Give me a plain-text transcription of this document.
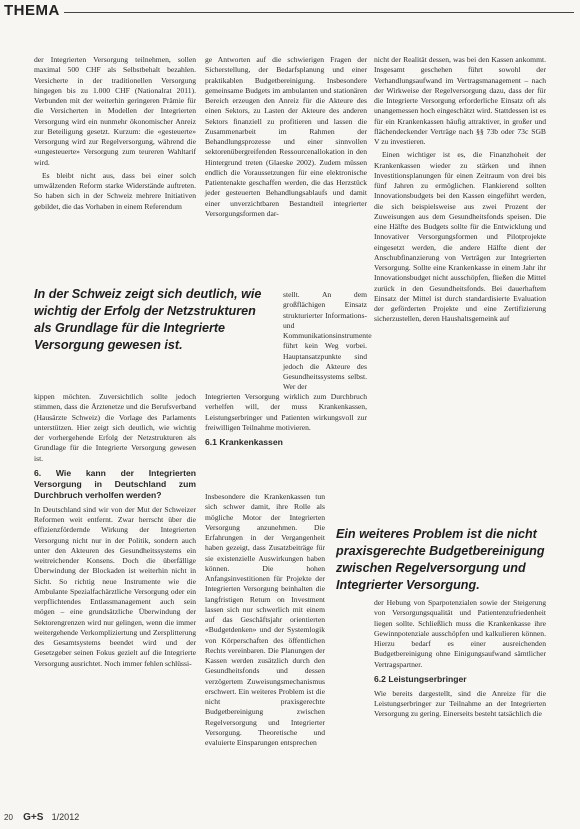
THEMA

der Integrierten Versorgung teilnehmen, sollen maximal 500 CHF als Selbstbehalt bezahlen. Versicherte in der traditionellen Versorgung hingegen bis zu 1.000 CHF (Nationalrat 2011). Verbunden mit der weiterhin geringeren Prämie für die Versicherten in Modellen der Integrierten Versorgung wird ein nunmehr ökonomischer Anreiz zur Beteiligung gesetzt. Kurzum: die «gesteuerte» Versorgung wird zur Regelversorgung, während die «ungesteuerte» Versorgung zum teureren Wahltarif wird.

Es bleibt nicht aus, dass bei einer solch umwälzenden Reform starke Widerstände auftreten. So haben sich in der Schweiz mehrere Initiativen gebildet, die das Vorhaben in einem Referendum

In der Schweiz zeigt sich deutlich, wie wichtig der Erfolg der Netzstrukturen als Grundlage für die Integrierte Versorgung gewesen ist.

kippen möchten. Zuversichtlich sollte jedoch stimmen, dass die Ärztenetze und die Berufsverband (Hausärzte Schweiz) die Vorlage des Parlaments unterstützen. Hier zeigt sich deutlich, wie wichtig der vorhergehende Erfolg der Netzstrukturen als Grundlage für die Integrierte Versorgung gewesen ist.

6. Wie kann der Integrierten Versorgung in Deutschland zum Durchbruch verholfen werden?

In Deutschland sind wir von der Mut der Schweizer Reformen weit entfernt. Zwar herrscht über die effizienzfördernde Wirkung der Integrierten Versorgung nicht nur in der Politik, sondern auch unter den Akteuren des Gesundheitssystems ein weitreichender Konsens. Doch die überfällige Überwindung der Blockaden ist weiterhin nicht in Sicht. So richtig neue Instrumente wie die Ambulante Spezialfachärztliche Versorgung oder ein verpflichtendes Entlassmanagement auch sein mögen – eine grundsätzliche Überwindung der Sektorengrenzen wird nur gelingen, wenn die immer weitergehende Verkompliziertung und Zersplitterung des Gesamtsystems beendet wird und der Gesetzgeber seinen Fokus gezielt auf die Integrierte Versorgung ausrichtet. Noch immer fehlen schlüssi-

ge Antworten auf die schwierigen Fragen der Sicherstellung, der Bedarfsplanung und einer praktikablen Budgetbereinigung. Insbesondere gemeinsame Budgets im ambulanten und stationären Bereich erzeugen den Anreiz für die Akteure des einen Sektors, zu Lasten der Akteure des anderen Sektors finanziell zu profitieren und lassen die Zusammenarbeit im Rahmen der Behandlungsprozesse und einer sinnvollen sektorenübergreifenden Ressourcenallokation in den Hintergrund treten (Glaeske 2002). Zudem müssen endlich die Voraussetzungen für eine elektronische Patientenakte geschaffen werden, die das Herzstück jeder gesteuerten Behandlungsablaufs und damit einer unverzichtbaren Bestandteil integrierter Versorgungsformen dar-

stellt. An dem großflächigen Einsatz strukturierter Informations- und Kommunikationsinstrumente führt kein Weg vorbei. Hauptansatzpunkte sind jedoch die Akteure des Gesundheitssystems selbst. Wer der

Integrierten Versorgung wirklich zum Durchbruch verhelfen will, der muss Krankenkassen, Leistungserbringer und Patienten wirkungsvoll zur freiwilligen Teilnahme motivieren.

6.1 Krankenkassen

Insbesondere die Krankenkassen tun sich schwer damit, ihre Rolle als mögliche Motor der Integrierten Versorgung anzunehmen. Die Erfahrungen in der Vergangenheit haben gezeigt, dass Zusatzbeiträge für sie existenzielle Auswirkungen haben können. Die hohen Anfangsinvestitionen für Projekte der Integrierten Versorgung beinhalten die langfristigen Return on Investment lassen sich nur schwerlich mit einem auf das Geschäftsjahr orientierten «Budgetdenken» und der Systemlogik von Körperschaften des öffentlichen Rechts vereinbaren. Die Planungen der Kassen werden zusätzlich durch den Gesundheitsfonds und dessen verzögertem Zuweisungsmechanismus erschwert. Ein weiteres Problem ist die nicht praxisgerechte Budgetbereinigung zwischen Regelversorgung und Integrierter Versorgung. Theoretische und evaluierte Einsparungen entsprechen

Ein weiteres Problem ist die nicht praxisgerechte Budgetbereinigung zwischen Regelversorgung und Integrierter Versorgung.

nicht der Realität dessen, was bei den Kassen ankommt. Insgesamt geschehen führt sowohl der Verhandlungsaufwand im Vertragsmanagement – nach der Wirkweise der Regelversorgung dazu, dass der für die Integrierte Versorgung erforderliche Einsatz oft als unangemessen hoch eingeschätzt wird. Stattdessen ist es für ein Krankenkassen häufig attraktiver, in großer und flächendeckender Verträge nach §§ 73b oder 73c SGB V zu investieren.

Einen wichtiger ist es, die Finanzhoheit der Krankenkassen wieder zu stärken und ihnen Investitionsplanungen für einen Zeitraum von drei bis fünf Jahren zu ermöglichen. Flankierend sollten Innovationsbudgets bei den Kassen eingeführt werden, die sich beispielsweise aus zwei Prozent der Zuweisungen aus dem Gesundheitsfonds speisen. Die eine Hälfte des Budgets sollte für die Entwicklung und Innovativer Versorgungsformen und Pilotprojekte eingesetzt werden, die andere Hälfte dient der Anschubfinanzierung von Verträgen zur Integrierten Versorgung. Sollte eine Krankenkasse in einem Jahr ihr Innovationsbudget nicht ausschöpfen, fließen die Mittel zurück in den Gesundheitsfonds. Bei dauerhaftem Einsatz der Mittel ist durch standardisierte Evaluation der geförderten Projekte und eine Zertifizierung sicherzustellen, deren Haushaltsgemeink auf

der Hebung von Sparpotenzialen sowie der Steigerung von Versorgungsqualität und Patientenzufriedenheit liegen sollte. Schließlich muss die Krankenkasse ihre Gewinnpotenziale ausschöpfen und kalkulieren können. Hierzu bedarf es einer ausreichenden Budgetbereinigung ohne Einigungsaufwand sämtlicher Vertragspartner.

6.2 Leistungserbringer

Wie bereits dargestellt, sind die Anreize für die Leistungserbringer zur Teilnahme an der Integrierten Versorgung zu gering. Einerseits besteht tatsächlich die

20 G+S 1/2012
